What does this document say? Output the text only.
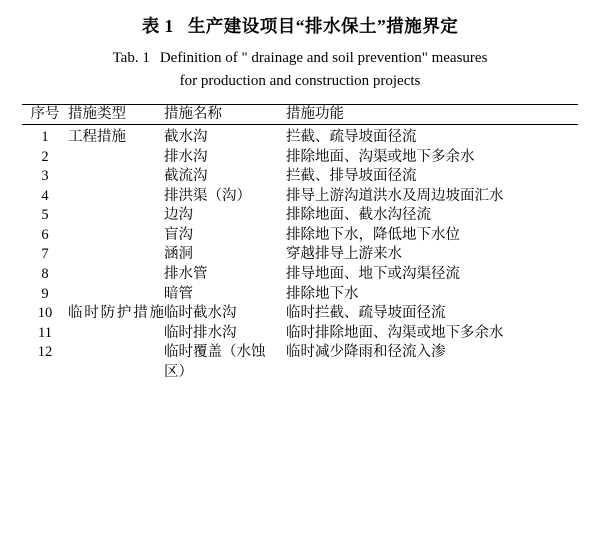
表 1 生产建设项目“排水保土”措施界定
Tab. 1 Definition of " drainage and soil prevention" measures
for production and construction projects

序号	措施类型	措施名称	措施功能

1	工程措施	截水沟	拦截、疏导坡面径流
2		排水沟	排除地面、沟渠或地下多余水
3		截流沟	拦截、排导坡面径流
4		排洪渠（沟）	排导上游沟道洪水及周边坡面汇水
5		边沟	排除地面、截水沟径流
6		盲沟	排除地下水，降低地下水位
7		涵洞	穿越排导上游来水
8		排水管	排导地面、地下或沟渠径流
9		暗管	排除地下水
10	临时防护措施	临时截水沟	临时拦截、疏导坡面径流
11		临时排水沟	临时排除地面、沟渠或地下多余水
12		临时覆盖（水蚀区）	临时减少降雨和径流入渗
